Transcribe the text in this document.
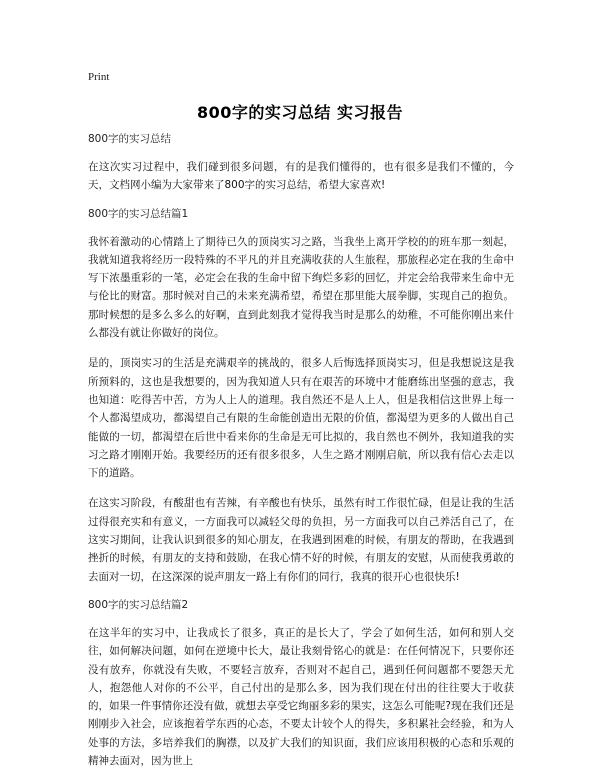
Print
800字的实习总结 实习报告

800字的实习总结

在这次实习过程中，我们碰到很多问题，有的是我们懂得的，也有很多是我们不懂的，今天，文档网小编为大家带来了800字的实习总结，希望大家喜欢!

800字的实习总结篇1

我怀着激动的心情踏上了期待已久的顶岗实习之路，当我坐上离开学校的的班车那一刻起，我就知道我将经历一段特殊的不平凡的并且充满收获的人生旅程，那旅程必定在我的生命中写下浓墨重彩的一笔，必定会在我的生命中留下绚烂多彩的回忆，并定会给我带来生命中无与伦比的财富。那时候对自己的未来充满希望，希望在那里能大展拳脚，实现自己的抱负。那时候想的是多么多么的好啊，直到此刻我才觉得我当时是那么的幼稚，不可能你刚出来什么都没有就让你做好的岗位。

是的，顶岗实习的生活是充满艰辛的挑战的，很多人后悔选择顶岗实习，但是我想说这是我所预料的，这也是我想要的，因为我知道人只有在艰苦的环境中才能磨练出坚强的意志，我也知道：吃得苦中苦，方为人上人的道理。我自然还不是人上人，但是我相信这世界上每一个人都渴望成功，都渴望自己有限的生命能创造出无限的价值，都渴望为更多的人做出自己能做的一切，都渴望在后世中看来你的生命是无可比拟的，我自然也不例外，我知道我的实习之路才刚刚开始。我要经历的还有很多很多，人生之路才刚刚启航，所以我有信心去走以下的道路。

在这实习阶段，有酸甜也有苦辣，有辛酸也有快乐，虽然有时工作很忙碌，但是让我的生活过得很充实和有意义，一方面我可以减轻父母的负担，另一方面我可以自己养活自己了，在这实习期间，让我认识到很多的知心朋友，在我遇到困难的时候，有朋友的帮助，在我遇到挫折的时候，有朋友的支持和鼓励，在我心情不好的时候，有朋友的安慰，从而使我勇敢的去面对一切，在这深深的说声朋友一路上有你们的同行，我真的很开心也很快乐!

800字的实习总结篇2

在这半年的实习中，让我成长了很多，真正的是长大了，学会了如何生活，如何和别人交往，如何解决问题，如何在逆境中长大，最让我刻骨铭心的就是：在任何情况下，只要你还没有放弃，你就没有失败，不要轻言放弃，否则对不起自己，遇到任何问题都不要怨天尤人，抱怨他人对你的不公平，自己付出的是那么多，因为我们现在付出的往往要大于收获的，如果一件事情你还没有做，就想去享受它绚丽多彩的果实，这怎么可能呢?现在我们还是刚刚步入社会，应该抱着学东西的心态，不要太计较个人的得失，多积累社会经验，和为人处事的方法，多培养我们的胸襟，以及扩大我们的知识面，我们应该用积极的心态和乐观的精神去面对，因为世上
